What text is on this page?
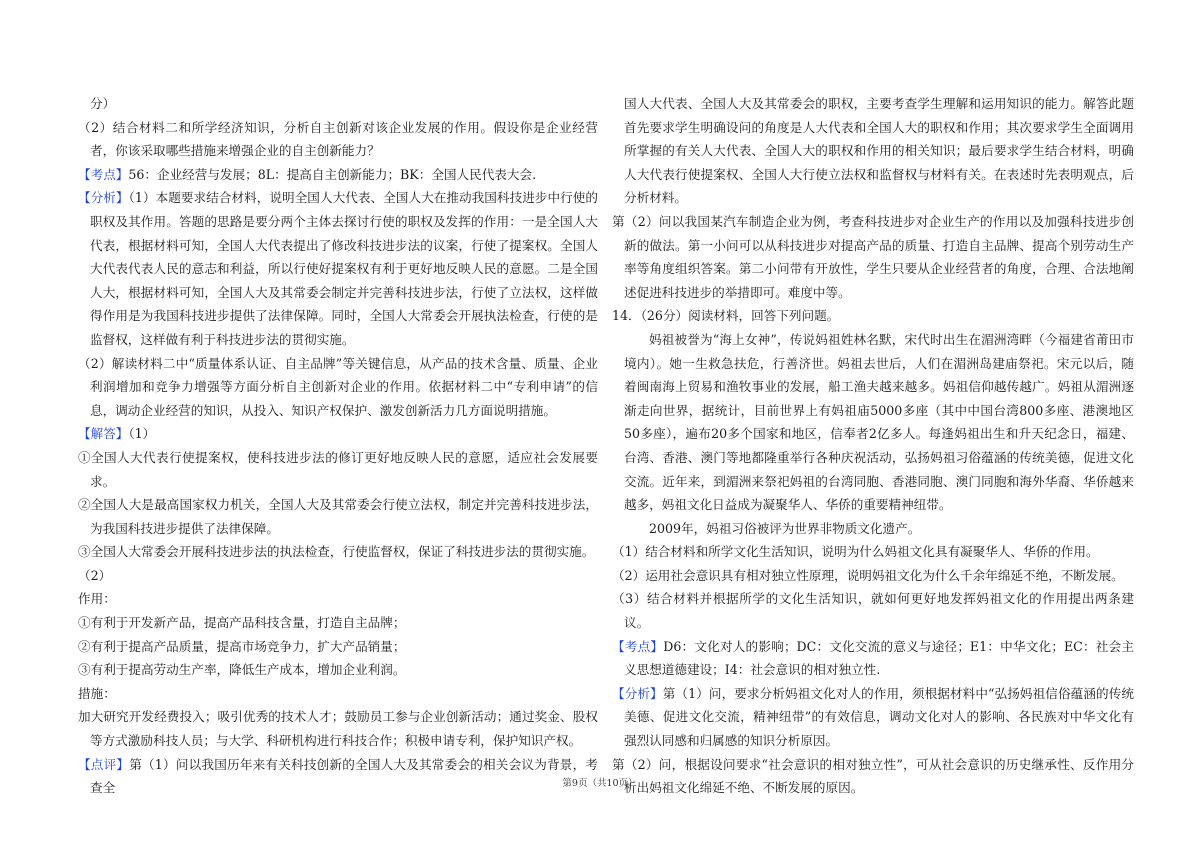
分）

（2）结合材料二和所学经济知识，分析自主创新对该企业发展的作用。假设你是企业经营者，你该采取哪些措施来增强企业的自主创新能力？

【考点】56：企业经营与发展；8L：提高自主创新能力；BK：全国人民代表大会.

【分析】（1）本题要求结合材料，说明全国人大代表、全国人大在推动我国科技进步中行使的职权及其作用。答题的思路是要分两个主体去探讨行使的职权及发挥的作用：一是全国人大代表，根据材料可知，全国人大代表提出了修改科技进步法的议案，行使了提案权。全国人大代表代表人民的意志和利益，所以行使好提案权有利于更好地反映人民的意愿。二是全国人大，根据材料可知，全国人大及其常委会制定并完善科技进步法，行使了立法权，这样做得作用是为我国科技进步提供了法律保障。同时，全国人大常委会开展执法检查，行使的是监督权，这样做有利于科技进步法的贯彻实施。

（2）解读材料二中“质量体系认证、自主品牌”等关键信息，从产品的技术含量、质量、企业利润增加和竞争力增强等方面分析自主创新对企业的作用。依据材料二中“专利申请”的信息，调动企业经营的知识，从投入、知识产权保护、激发创新活力几方面说明措施。

【解答】（1）

①全国人大代表行使提案权，使科技进步法的修订更好地反映人民的意愿，适应社会发展要求。

②全国人大是最高国家权力机关，全国人大及其常委会行使立法权，制定并完善科技进步法，为我国科技进步提供了法律保障。

③全国人大常委会开展科技进步法的执法检查，行使监督权，保证了科技进步法的贯彻实施。

（2）

作用：

①有利于开发新产品，提高产品科技含量，打造自主品牌；

②有利于提高产品质量，提高市场竞争力，扩大产品销量；

③有利于提高劳动生产率，降低生产成本，增加企业利润。

措施：

加大研究开发经费投入；吸引优秀的技术人才；鼓励员工参与企业创新活动；通过奖金、股权等方式激励科技人员；与大学、科研机构进行科技合作；积极申请专利，保护知识产权。

【点评】第（1）问以我国历年来有关科技创新的全国人大及其常委会的相关会议为背景，考查全

国人大代表、全国人大及其常委会的职权，主要考查学生理解和运用知识的能力。解答此题首先要求学生明确设问的角度是人大代表和全国人大的职权和作用；其次要求学生全面调用所掌握的有关人大代表、全国人大的职权和作用的相关知识；最后要求学生结合材料，明确人大代表行使提案权、全国人大行使立法权和监督权与材料有关。在表述时先表明观点，后分析材料。

第（2）问以我国某汽车制造企业为例，考查科技进步对企业生产的作用以及加强科技进步创新的做法。第一小问可以从科技进步对提高产品的质量、打造自主品牌、提高个别劳动生产率等角度组织答案。第二小问带有开放性，学生只要从企业经营者的角度，合理、合法地阐述促进科技进步的举措即可。难度中等。

14．（26分）阅读材料，回答下列问题。

妈祖被誉为“海上女神”，传说妈祖姓林名默，宋代时出生在湄洲湾畔（今福建省莆田市境内）。她一生救急扶危，行善济世。妈祖去世后，人们在湄洲岛建庙祭祀。宋元以后，随着闽南海上贸易和渔牧事业的发展，船工渔夫越来越多。妈祖信仰越传越广。妈祖从湄洲逐渐走向世界，据统计，目前世界上有妈祖庙5000多座（其中中国台湾800多座、港澳地区50多座），遍布20多个国家和地区，信奉者2亿多人。每逢妈祖出生和升天纪念日，福建、台湾、香港、澳门等地都隆重举行各种庆祝活动，弘扬妈祖习俗蕴涵的传统美德，促进文化交流。近年来，到湄洲来祭祀妈祖的台湾同胞、香港同胞、澳门同胞和海外华裔、华侨越来越多，妈祖文化日益成为凝聚华人、华侨的重要精神纽带。

2009年，妈祖习俗被评为世界非物质文化遗产。

（1）结合材料和所学文化生活知识，说明为什么妈祖文化具有凝聚华人、华侨的作用。

（2）运用社会意识具有相对独立性原理，说明妈祖文化为什么千余年绵延不绝，不断发展。

（3）结合材料并根据所学的文化生活知识，就如何更好地发挥妈祖文化的作用提出两条建议。

【考点】D6：文化对人的影响；DC：文化交流的意义与途径；E1：中华文化；EC：社会主义思想道德建设；I4：社会意识的相对独立性.

【分析】第（1）问，要求分析妈祖文化对人的作用，须根据材料中“弘扬妈祖信俗蕴涵的传统美德、促进文化交流，精神纽带”的有效信息，调动文化对人的影响、各民族对中华文化有强烈认同感和归属感的知识分析原因。

第（2）问，根据设问要求“社会意识的相对独立性”，可从社会意识的历史继承性、反作用分析出妈祖文化绵延不绝、不断发展的原因。

第9页（共10页）
